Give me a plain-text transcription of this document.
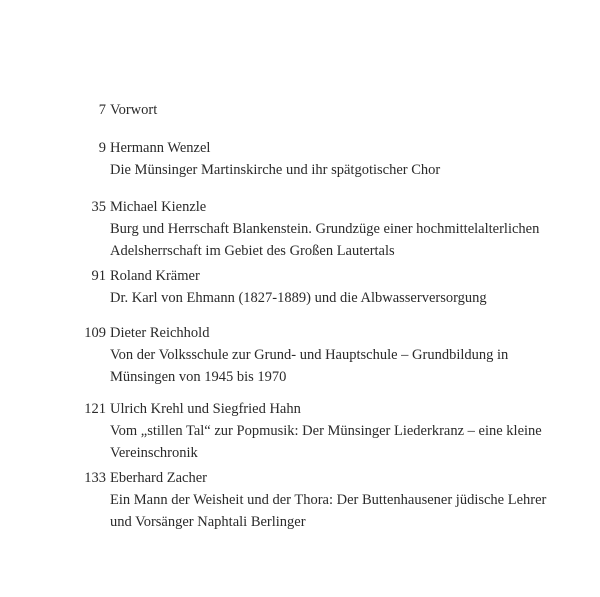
7 Vorwort
9 Hermann Wenzel
Die Münsinger Martinskirche und ihr spätgotischer Chor
35 Michael Kienzle
Burg und Herrschaft Blankenstein. Grundzüge einer hochmittelalterlichen
Adelsherrschaft im Gebiet des Großen Lautertals
91 Roland Krämer
Dr. Karl von Ehmann (1827-1889) und die Albwasserversorgung
109 Dieter Reichhold
Von der Volksschule zur Grund- und Hauptschule – Grundbildung in
Münsingen von 1945 bis 1970
121 Ulrich Krehl und Siegfried Hahn
Vom „stillen Tal“ zur Popmusik: Der Münsinger Liederkranz – eine kleine
Vereinschronik
133 Eberhard Zacher
Ein Mann der Weisheit und der Thora: Der Buttenhausener jüdische Lehrer
und Vorsänger Naphtali Berlinger
